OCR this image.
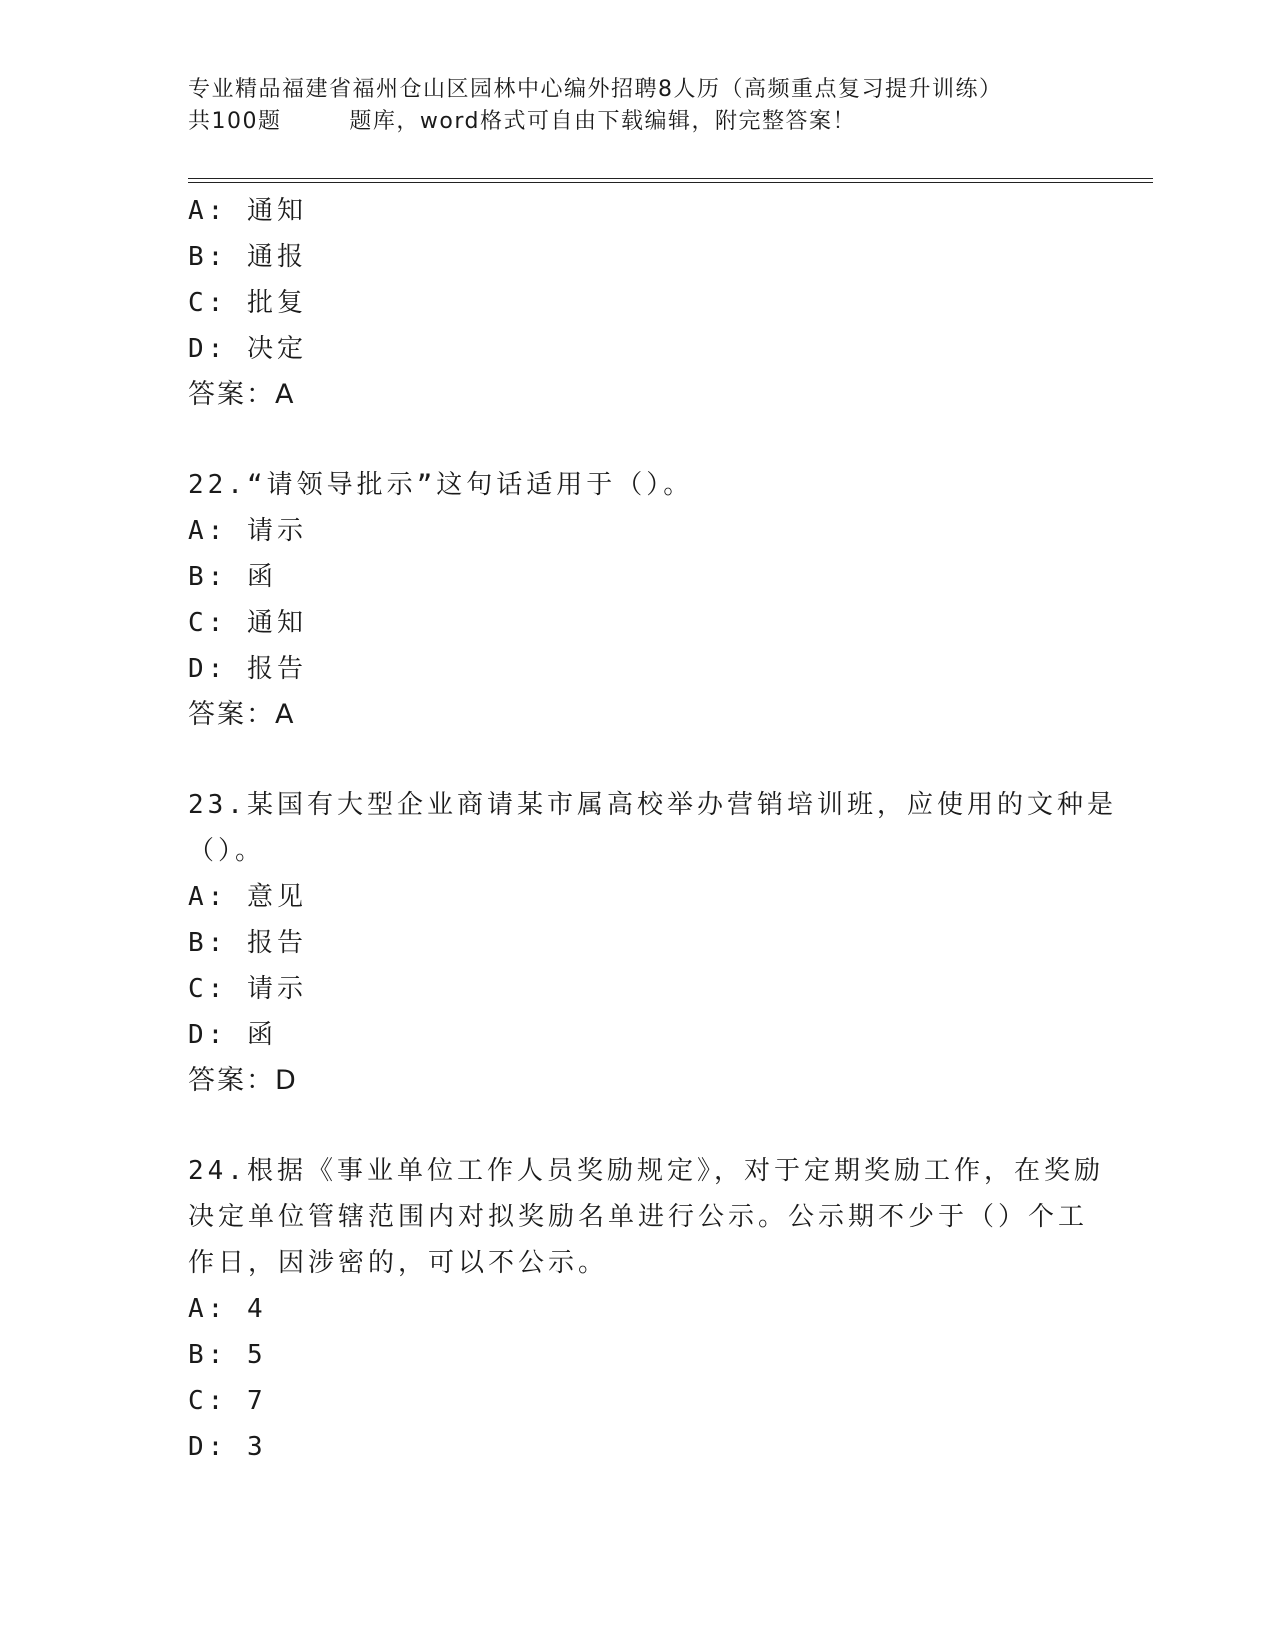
专业精品福建省福州仓山区园林中心编外招聘8人历（高频重点复习提升训练）
共100题        题库，word格式可自由下载编辑，附完整答案！
A: 通知
B: 通报
C: 批复
D: 决定
答案：A
22.“请领导批示”这句话适用于（）。
A: 请示
B: 函
C: 通知
D: 报告
答案：A
23.某国有大型企业商请某市属高校举办营销培训班，应使用的文种是
（）。
A: 意见
B: 报告
C: 请示
D: 函
答案：D
24.根据《事业单位工作人员奖励规定》，对于定期奖励工作，在奖励
决定单位管辖范围内对拟奖励名单进行公示。公示期不少于（）个工
作日，因涉密的，可以不公示。
A: 4
B: 5
C: 7
D: 3
